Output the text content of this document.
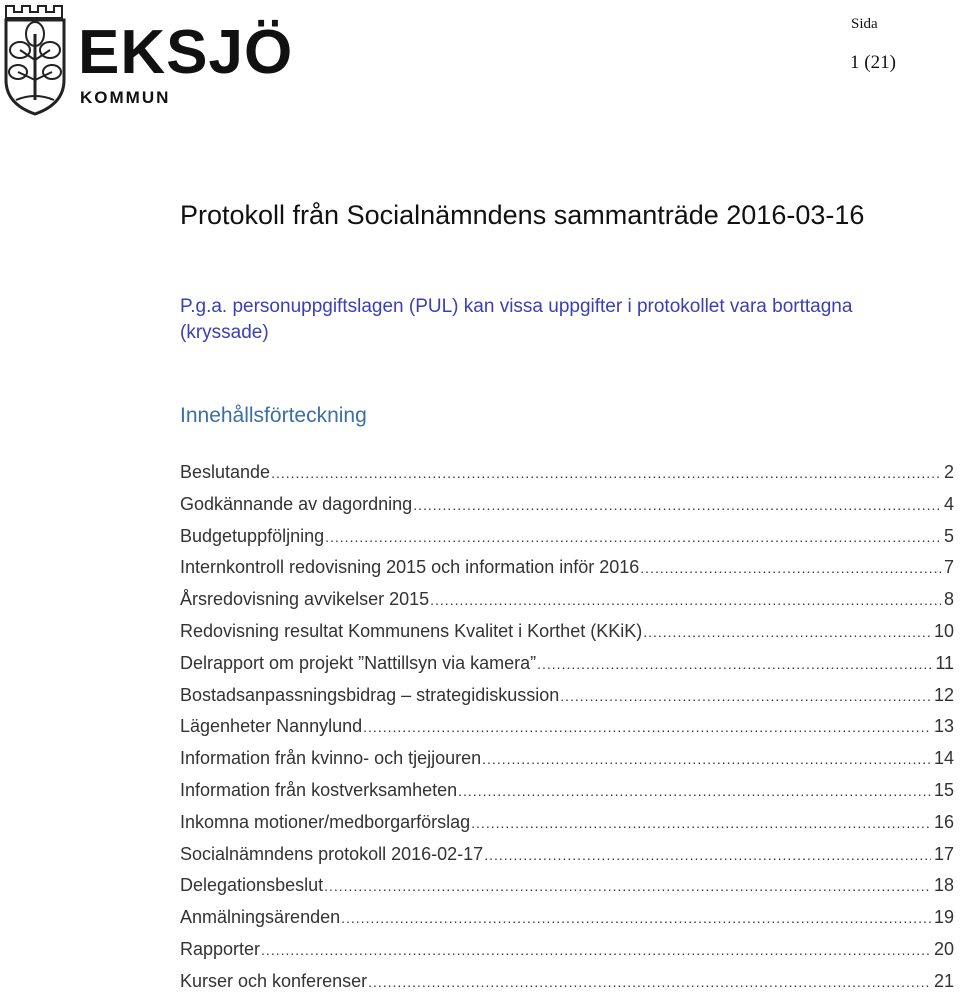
EKSJÖ
KOMMUN
Sida
1 (21)
Protokoll från Socialnämndens sammanträde 2016-03-16
P.g.a. personuppgiftslagen (PUL) kan vissa uppgifter i protokollet vara borttagna (kryssade)
Innehållsförteckning
Beslutande .....	2
Godkännande av dagordning .....	4
Budgetuppföljning .....	5
Internkontroll redovisning 2015 och information inför 2016 .....	7
Årsredovisning avvikelser 2015 .....	8
Redovisning resultat Kommunens Kvalitet i Korthet (KKiK) .....	10
Delrapport om projekt ”Nattillsyn via kamera” .....	11
Bostadsanpassningsbidrag – strategidiskussion .....	12
Lägenheter Nannylund .....	13
Information från kvinno- och tjejjouren .....	14
Information från kostverksamheten .....	15
Inkomna motioner/medborgarförslag .....	16
Socialnämndens protokoll 2016-02-17 .....	17
Delegationsbeslut .....	18
Anmälningsärenden .....	19
Rapporter .....	20
Kurser och konferenser .....	21
